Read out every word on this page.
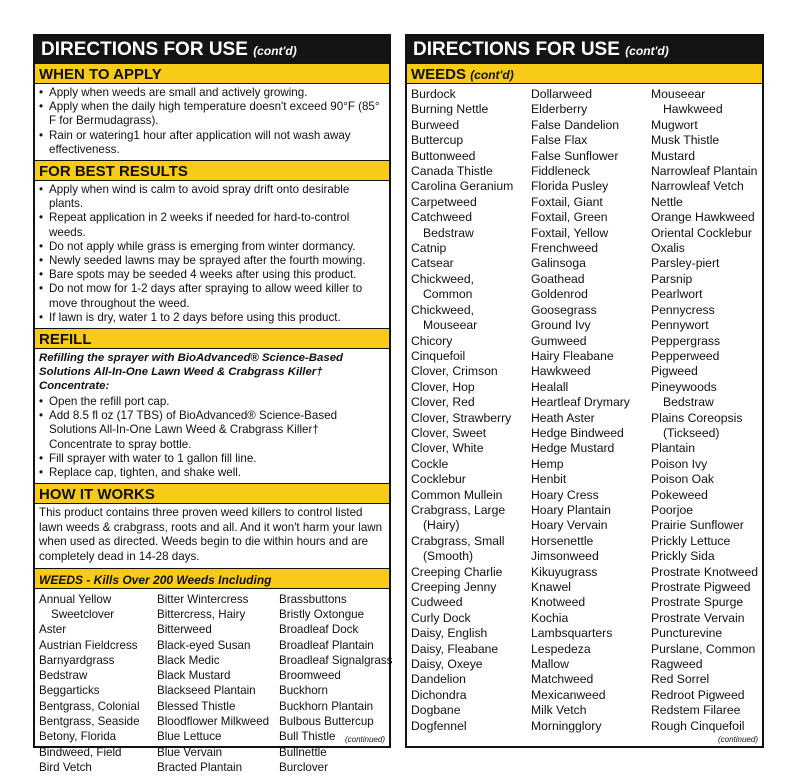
DIRECTIONS FOR USE (cont'd)
WHEN TO APPLY
• Apply when weeds are small and actively growing.
• Apply when the daily high temperature doesn't exceed 90°F (85° F for Bermudagrass).
• Rain or watering1 hour after application will not wash away effectiveness.
FOR BEST RESULTS
• Apply when wind is calm to avoid spray drift onto desirable plants.
• Repeat application in 2 weeks if needed for hard-to-control weeds.
• Do not apply while grass is emerging from winter dormancy.
• Newly seeded lawns may be sprayed after the fourth mowing.
• Bare spots may be seeded 4 weeks after using this product.
• Do not mow for 1-2 days after spraying to allow weed killer to move throughout the weed.
• If lawn is dry, water 1 to 2 days before using this product.
REFILL
Refilling the sprayer with BioAdvanced® Science-Based Solutions All-In-One Lawn Weed & Crabgrass Killer† Concentrate:
• Open the refill port cap.
• Add 8.5 fl oz (17 TBS) of BioAdvanced® Science-Based Solutions All-In-One Lawn Weed & Crabgrass Killer† Concentrate to spray bottle.
• Fill sprayer with water to 1 gallon fill line.
• Replace cap, tighten, and shake well.
HOW IT WORKS
This product contains three proven weed killers to control listed lawn weeds & crabgrass, roots and all. And it won't harm your lawn when used as directed. Weeds begin to die within hours and are completely dead in 14-28 days.
WEEDS - Kills Over 200 Weeds Including
Annual Yellow
Sweetclover
Aster
Austrian Fieldcress
Barnyardgrass
Bedstraw
Beggarticks
Bentgrass, Colonial
Bentgrass, Seaside
Betony, Florida
Bindweed, Field
Bird Vetch
Bitter Wintercress
Bittercress, Hairy
Bitterweed
Black-eyed Susan
Black Medic
Black Mustard
Blackseed Plantain
Blessed Thistle
Bloodflower Milkweed
Blue Lettuce
Blue Vervain
Bracted Plantain
Brassbuttons
Bristly Oxtongue
Broadleaf Dock
Broadleaf Plantain
Broadleaf Signalgrass
Broomweed
Buckhorn
Buckhorn Plantain
Bulbous Buttercup
Bull Thistle
Bullnettle
Burclover
(continued)
DIRECTIONS FOR USE (cont'd)
WEEDS (cont'd)
Burdock
Burning Nettle
Burweed
Buttercup
Buttonweed
Canada Thistle
Carolina Geranium
Carpetweed
Catchweed
Bedstraw
Catnip
Catsear
Chickweed,
Common
Chickweed,
Mouseear
Chicory
Cinquefoil
Clover, Crimson
Clover, Hop
Clover, Red
Clover, Strawberry
Clover, Sweet
Clover, White
Cockle
Cocklebur
Common Mullein
Crabgrass, Large
(Hairy)
Crabgrass, Small
(Smooth)
Creeping Charlie
Creeping Jenny
Cudweed
Curly Dock
Daisy, English
Daisy, Fleabane
Daisy, Oxeye
Dandelion
Dichondra
Dogbane
Dogfennel
Dollarweed
Elderberry
False Dandelion
False Flax
False Sunflower
Fiddleneck
Florida Pusley
Foxtail, Giant
Foxtail, Green
Foxtail, Yellow
Frenchweed
Galinsoga
Goathead
Goldenrod
Goosegrass
Ground Ivy
Gumweed
Hairy Fleabane
Hawkweed
Healall
Heartleaf Drymary
Heath Aster
Hedge Bindweed
Hedge Mustard
Hemp
Henbit
Hoary Cress
Hoary Plantain
Hoary Vervain
Horsenettle
Jimsonweed
Kikuyugrass
Knawel
Knotweed
Kochia
Lambsquarters
Lespedeza
Mallow
Matchweed
Mexicanweed
Milk Vetch
Morningglory
Mouseear
Hawkweed
Mugwort
Musk Thistle
Mustard
Narrowleaf Plantain
Narrowleaf Vetch
Nettle
Orange Hawkweed
Oriental Cocklebur
Oxalis
Parsley-piert
Parsnip
Pearlwort
Pennycress
Pennywort
Peppergrass
Pepperweed
Pigweed
Pineywoods
Bedstraw
Plains Coreopsis
(Tickseed)
Plantain
Poison Ivy
Poison Oak
Pokeweed
Poorjoe
Prairie Sunflower
Prickly Lettuce
Prickly Sida
Prostrate Knotweed
Prostrate Pigweed
Prostrate Spurge
Prostrate Vervain
Puncturevine
Purslane, Common
Ragweed
Red Sorrel
Redroot Pigweed
Redstem Filaree
Rough Cinquefoil
(continued)
